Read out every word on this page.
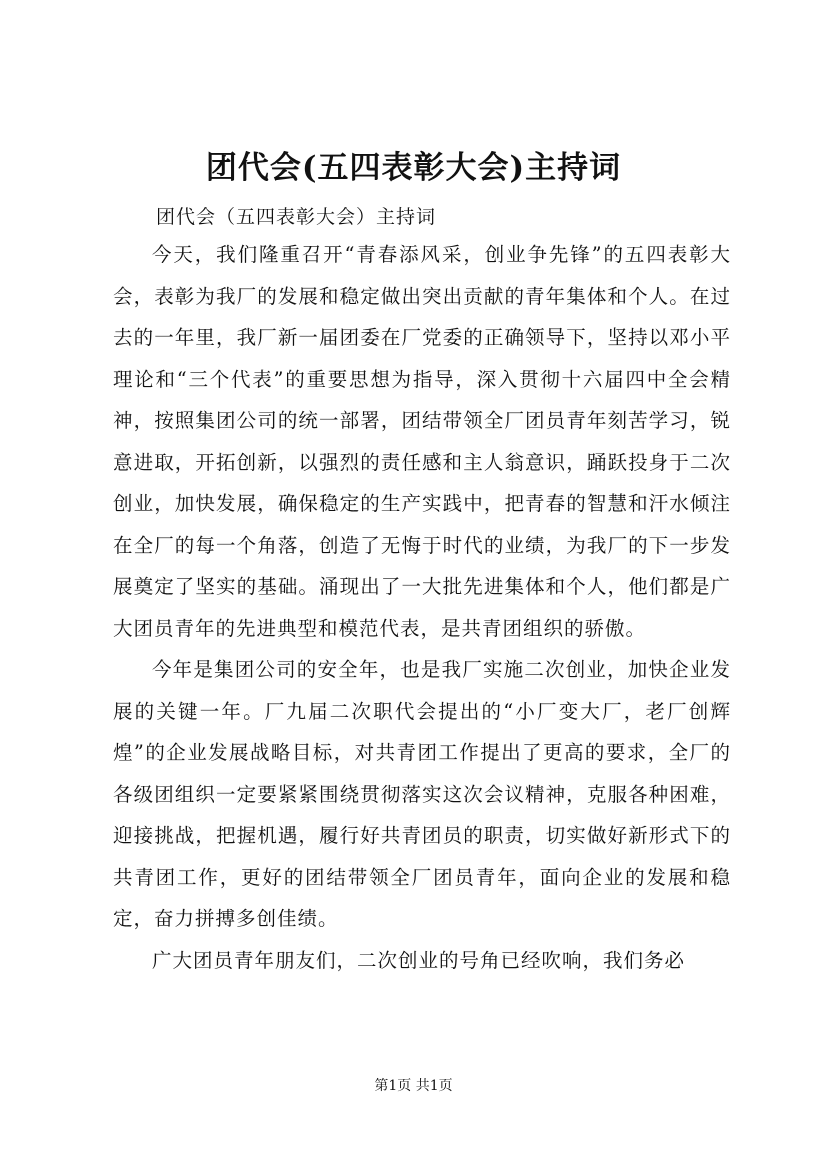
团代会(五四表彰大会)主持词
团代会（五四表彰大会）主持词

今天，我们隆重召开“青春添风采，创业争先锋”的五四表彰大会，表彰为我厂的发展和稳定做出突出贡献的青年集体和个人。在过去的一年里，我厂新一届团委在厂党委的正确领导下，坚持以邓小平理论和“三个代表”的重要思想为指导，深入贯彻十六届四中全会精神，按照集团公司的统一部署，团结带领全厂团员青年刻苦学习，锐意进取，开拓创新，以强烈的责任感和主人翁意识，踊跃投身于二次创业，加快发展，确保稳定的生产实践中，把青春的智慧和汗水倾注在全厂的每一个角落，创造了无悔于时代的业绩，为我厂的下一步发展奠定了坚实的基础。涌现出了一大批先进集体和个人，他们都是广大团员青年的先进典型和模范代表，是共青团组织的骄傲。

今年是集团公司的安全年，也是我厂实施二次创业，加快企业发展的关键一年。厂九届二次职代会提出的“小厂变大厂，老厂创辉煌”的企业发展战略目标，对共青团工作提出了更高的要求，全厂的各级团组织一定要紧紧围绕贯彻落实这次会议精神，克服各种困难，迎接挑战，把握机遇，履行好共青团员的职责，切实做好新形式下的共青团工作，更好的团结带领全厂团员青年，面向企业的发展和稳定，奋力拼搏多创佳绩。

广大团员青年朋友们，二次创业的号角已经吹响，我们务必

第1页 共1页
